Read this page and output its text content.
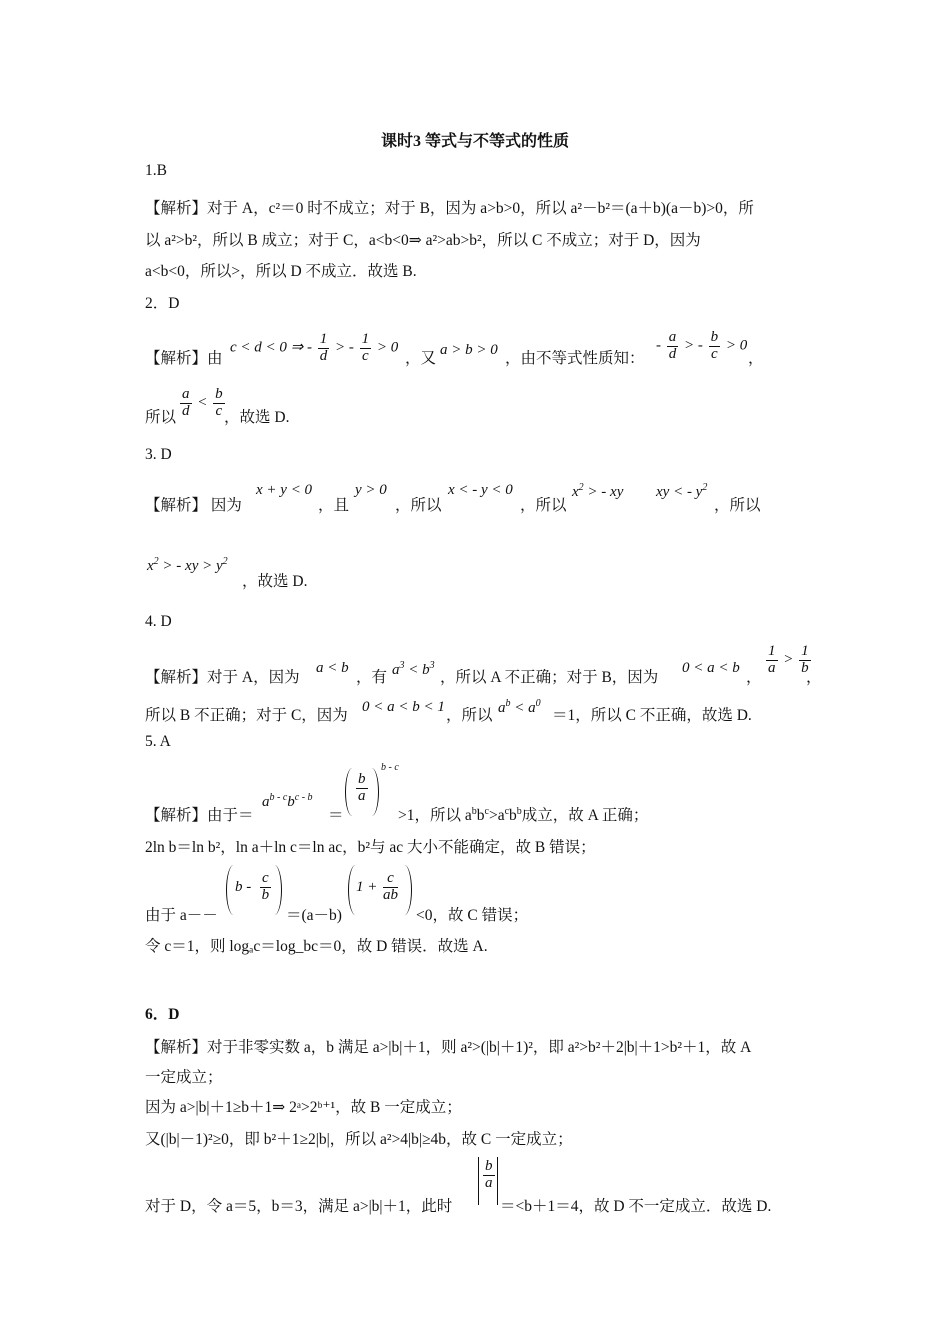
课时3 等式与不等式的性质
1.B
【解析】对于 A，c²＝0 时不成立；对于 B，因为 a>b>0，所以 a²－b²＝(a＋b)(a－b)>0，所
以 a²>b²，所以 B 成立；对于 C，a<b<0⇒ a²>ab>b²，所以 C 不成立；对于 D，因为
a<b<0，所以>，所以 D 不成立．故选 B.
2．D
【解析】由
c < d < 0 ⇒ - $\frac{1}{d}$ > - $\frac{1}{c} > 0$
，又 a > b > 0 ，由不等式性质知：
- $\frac{a}{d}$ > - $\frac{b}{c} > 0$
，
所以 $\frac{a}{d} < \frac{b}{c}$ ，故选 D.
3. D
【解析】 因为
x + y < 0
，且
y > 0
，所以
x < - y < 0
，所以
$x^2$ > - xy xy < - $y^2$
，所以
$x^2$ > - xy > $y^2$
，故选 D.
4. D
【解析】对于 A，因为
a < b
，有 $a^3 < b^3$
，所以 A 不正确；对于 B，因为
0 < a < b
，
$\frac{1}{a} > \frac{1}{b}$
，
所以 B 不正确；对于 C，因为 0 < a < b < 1 ，所以 $a^b < a^0$
＝1，所以 C 不正确，故选 D.
5. A
【解析】由于＝
$a^{b - c}b^{c - b}$
＝
b
a
b - c
>1，所以 $a^bb^c>a^cb^b$成立，故 A 正确；
2ln b＝ln b²，ln a＋ln c＝ln ac，b²与 ac 大小不能确定，故 B 错误；
由于 a－－
b -
c
b
＝(a－b)
1 +
c
ab
<0，故 C 错误；
令 c＝1，则 logₐc＝log_bc＝0，故 D 错误．故选 A.
6．D
【解析】对于非零实数 a，b 满足 a>|b|＋1，则 a²>(|b|＋1)²，即 a²>b²＋2|b|＋1>b²＋1，故 A
一定成立；
因为 a>|b|＋1≥b＋1⇒ 2ᵃ>2ᵇ⁺¹，故 B 一定成立；
又(|b|－1)²≥0，即 b²＋1≥2|b|，所以 a²>4|b|≥4b，故 C 一定成立；
对于 D，令 a＝5，b＝3，满足 a>|b|＋1，此时
b
a
＝<b＋1＝4，故 D 不一定成立．故选 D.
